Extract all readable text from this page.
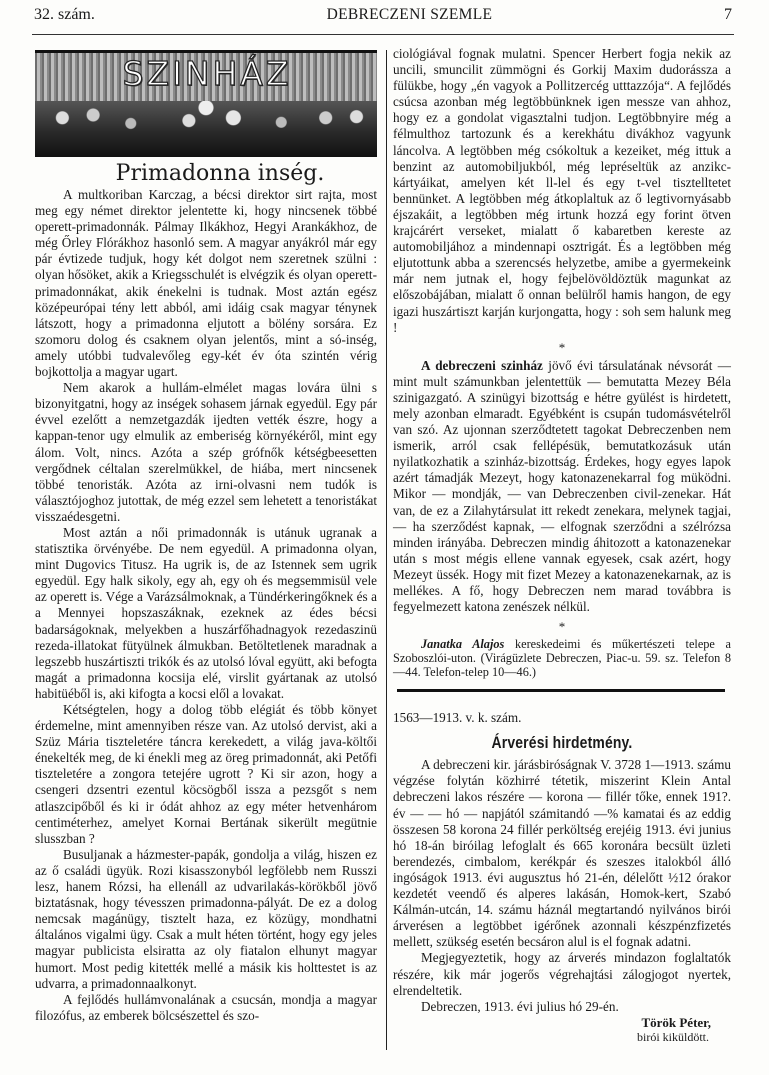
32. szám.	DEBRECZENI SZEMLE	7
SZINHÁZ

Primadonna inség.

A multkoriban Karczag, a bécsi direktor sirt rajta, most meg egy német direktor jelentette ki, hogy nincsenek többé operett-primadonnák. Pálmay Ilkákhoz, Hegyi Arankákhoz, de még Őrley Flórákhoz hasonló sem. A magyar anyákról már egy pár évtizede tudjuk, hogy két dolgot nem szeretnek szülni : olyan hősöket, akik a Kriegsschulét is elvégzik és olyan operett-primadonnákat, akik énekelni is tudnak. Most aztán egész középeurópai tény lett abból, ami idáig csak magyar ténynek látszott, hogy a primadonna eljutott a bölény sorsára. Ez szomoru dolog és csaknem olyan jelentős, mint a só-inség, amely utóbbi tudvalevőleg egy-két év óta szintén vérig bojkottolja a magyar ugart.

Nem akarok a hullám-elmélet magas lovára ülni s bizonyitgatni, hogy az inségek sohasem járnak egyedül. Egy pár évvel ezelőtt a nemzetgazdák ijedten vették észre, hogy a kappan-tenor ugy elmulik az emberiség környékéről, mint egy álom. Volt, nincs. Azóta a szép grófnők kétségbeesetten vergődnek céltalan szerelmükkel, de hiába, mert nincsenek többé tenoristák. Azóta az irni-olvasni nem tudók is választójoghoz jutottak, de még ezzel sem lehetett a tenoristákat visszaédesgetni.

Most aztán a női primadonnák is utánuk ugranak a statisztika örvényébe. De nem egyedül. A primadonna olyan, mint Dugovics Titusz. Ha ugrik is, de az Istennek sem ugrik egyedül. Egy halk sikoly, egy ah, egy oh és megsemmisül vele az operett is. Vége a Varázsálmoknak, a Tündérkeringőknek és a a Mennyei hopszaszáknak, ezeknek az édes bécsi badarságoknak, melyekben a huszárfőhadnagyok rezedaszinü rezeda-illatokat fütyülnek álmukban. Betöltetlenek maradnak a legszebb huszártiszti trikók és az utolsó lóval együtt, aki befogta magát a primadonna kocsija elé, virslit gyártanak az utolsó habitüéből is, aki kifogta a kocsi elől a lovakat.

Kétségtelen, hogy a dolog több elégiát és több könyet érdemelne, mint amennyiben része van. Az utolsó dervist, aki a Szüz Mária tiszteletére táncra kerekedett, a világ java-költői énekelték meg, de ki énekli meg az öreg primadonnát, aki Petőfi tiszteletére a zongora tetejére ugrott ? Ki sir azon, hogy a csengeri dzsentri ezentul köcsögből issza a pezsgőt s nem atlaszcipőből és ki ir ódát ahhoz az egy méter hetvenhárom centiméterhez, amelyet Kornai Bertának sikerült megütnie slusszban ?

Busuljanak a házmester-papák, gondolja a világ, hiszen ez az ő családi ügyük. Rozi kisasszonyból legfölebb nem Russzi lesz, hanem Rózsi, ha ellenáll az udvarilakás-körökből jövő biztatásnak, hogy tévesszen primadonna-pályát. De ez a dolog nemcsak magánügy, tisztelt haza, ez közügy, mondhatni általános vigalmi ügy. Csak a mult héten történt, hogy egy jeles magyar publicista elsiratta az oly fiatalon elhunyt magyar humort. Most pedig kitették mellé a másik kis holttestet is az udvarra, a primadonnaalkonyt.

A fejlődés hullámvonalának a csucsán, mondja a magyar filozófus, az emberek bölcsészettel és szo-

ciológiával fognak mulatni. Spencer Herbert fogja nekik az uncili, smuncilit zümmögni és Gorkij Maxim dudorássza a fülükbe, hogy „én vagyok a Pollitzercég utttazzója“. A fejlődés csúcsa azonban még legtöbbünknek igen messze van ahhoz, hogy ez a gondolat vigasztalni tudjon. Legtöbbnyire még a félmulthoz tartozunk és a kerekhátu divákhoz vagyunk láncolva. A legtöbben még csókoltuk a kezeiket, még ittuk a benzint az automobiljukból, még lepréseltük az anzikc-kártyáikat, amelyen két ll-lel és egy t-vel tisztelltetet bennünket. A legtöbben még átkoplaltuk az ő legtivornyásabb éjszakáit, a legtöbben még irtunk hozzá egy forint ötven krajcárért verseket, mialatt ő kabaretben kereste az automobiljához a mindennapi osztrigát. És a legtöbben még eljutottunk abba a szerencsés helyzetbe, amibe a gyermekeink már nem jutnak el, hogy fejbelövöldöztük magunkat az előszobájában, mialatt ő onnan belülről hamis hangon, de egy igazi huszártiszt karján kurjongatta, hogy : soh sem halunk meg !

*

A debreczeni szinház jövő évi társulatának névsorát — mint mult számunkban jelentettük — bemutatta Mezey Béla szinigazgató. A szinügyi bizottság e hétre gyülést is hirdetett, mely azonban elmaradt. Egyébként is csupán tudomásvételről van szó. Az ujonnan szerződtetett tagokat Debreczenben nem ismerik, arról csak fellépésük, bemutatkozásuk után nyilatkozhatik a szinház-bizottság. Érdekes, hogy egyes lapok azért támadják Mezeyt, hogy katonazenekarral fog müködni. Mikor — mondják, — van Debreczenben civil-zenekar. Hát van, de ez a Zilahytársulat itt rekedt zenekara, melynek tagjai, — ha szerződést kapnak, — elfognak szerződni a szélrózsa minden irányába. Debreczen mindig áhitozott a katonazenekar után s most mégis ellene vannak egyesek, csak azért, hogy Mezeyt üssék. Hogy mit fizet Mezey a katonazenekarnak, az is mellékes. A fő, hogy Debreczen nem marad továbbra is fegyelmezett katona zenészek nélkül.

*

Janatka Alajos kereskedeimi és műkertészeti telepe a Szoboszlói-uton. (Virágüzlete Debreczen, Piac-u. 59. sz. Telefon 8—44. Telefon-telep 10—46.)

1563—1913. v. k. szám.

Árverési hirdetmény.

A debreczeni kir. járásbiróságnak V. 3728 1—1913. számu végzése folytán közhirré tétetik, miszerint Klein Antal debreczeni lakos részére — korona — fillér tőke, ennek 191?. év — — hó — napjától számitandó —% kamatai és az eddig összesen 58 korona 24 fillér perköltség erejéig 1913. évi junius hó 18-án biróilag lefoglalt és 665 koronára becsült üzleti berendezés, cimbalom, kerékpár és szeszes italokból álló ingóságok 1913. évi augusztus hó 21-én, délelőtt ½12 órakor kezdetét veendő és alperes lakásán, Homok-kert, Szabó Kálmán-utcán, 14. számu háznál megtartandó nyilvános birói árverésen a legtöbbet igérőnek azonnali készpénzfizetés mellett, szükség esetén becsáron alul is el fognak adatni.

Megjegyeztetik, hogy az árverés mindazon foglaltatók részére, kik már jogerős végrehajtási zálogjogot nyertek, elrendeltetik.

Debreczen, 1913. évi julius hó 29-én.

Török Péter,
birói kiküldött.
